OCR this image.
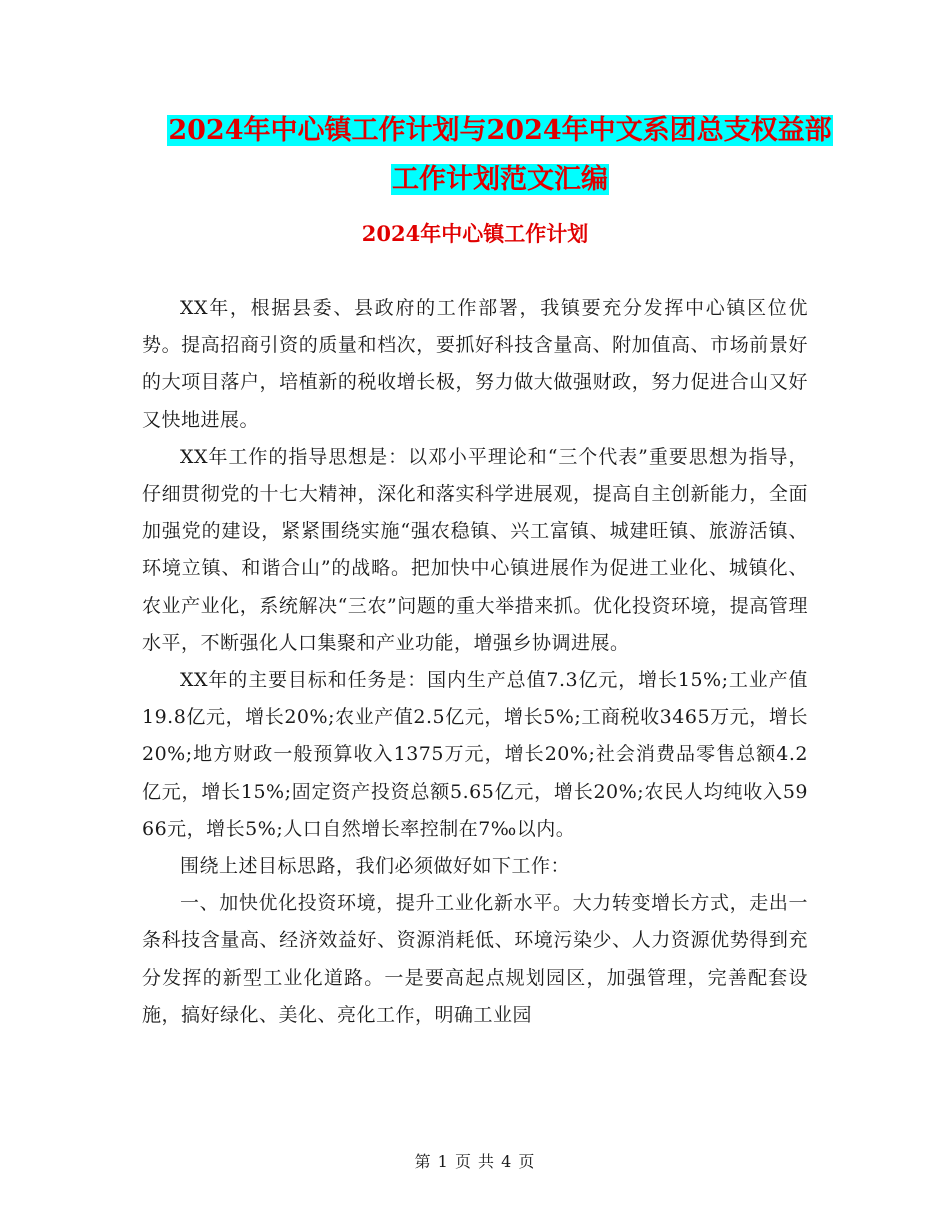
2024年中心镇工作计划与2024年中文系团总支权益部
工作计划范文汇编
2024年中心镇工作计划

XX年，根据县委、县政府的工作部署，我镇要充分发挥中心镇区位优势。提高招商引资的质量和档次，要抓好科技含量高、附加值高、市场前景好的大项目落户，培植新的税收增长极，努力做大做强财政，努力促进合山又好又快地进展。

XX年工作的指导思想是：以邓小平理论和“三个代表”重要思想为指导，仔细贯彻党的十七大精神，深化和落实科学进展观，提高自主创新能力，全面加强党的建设，紧紧围绕实施“强农稳镇、兴工富镇、城建旺镇、旅游活镇、环境立镇、和谐合山”的战略。把加快中心镇进展作为促进工业化、城镇化、农业产业化，系统解决“三农”问题的重大举措来抓。优化投资环境，提高管理水平，不断强化人口集聚和产业功能，增强乡协调进展。

XX年的主要目标和任务是：国内生产总值7.3亿元，增长15%;工业产值19.8亿元，增长20%;农业产值2.5亿元，增长5%;工商税收3465万元，增长20%;地方财政一般预算收入1375万元，增长20%;社会消费品零售总额4.2亿元，增长15%;固定资产投资总额5.65亿元，增长20%;农民人均纯收入5966元，增长5%;人口自然增长率控制在7‰以内。

围绕上述目标思路，我们必须做好如下工作：

一、加快优化投资环境，提升工业化新水平。大力转变增长方式，走出一条科技含量高、经济效益好、资源消耗低、环境污染少、人力资源优势得到充分发挥的新型工业化道路。一是要高起点规划园区，加强管理，完善配套设施，搞好绿化、美化、亮化工作，明确工业园

第 1 页 共 4 页
